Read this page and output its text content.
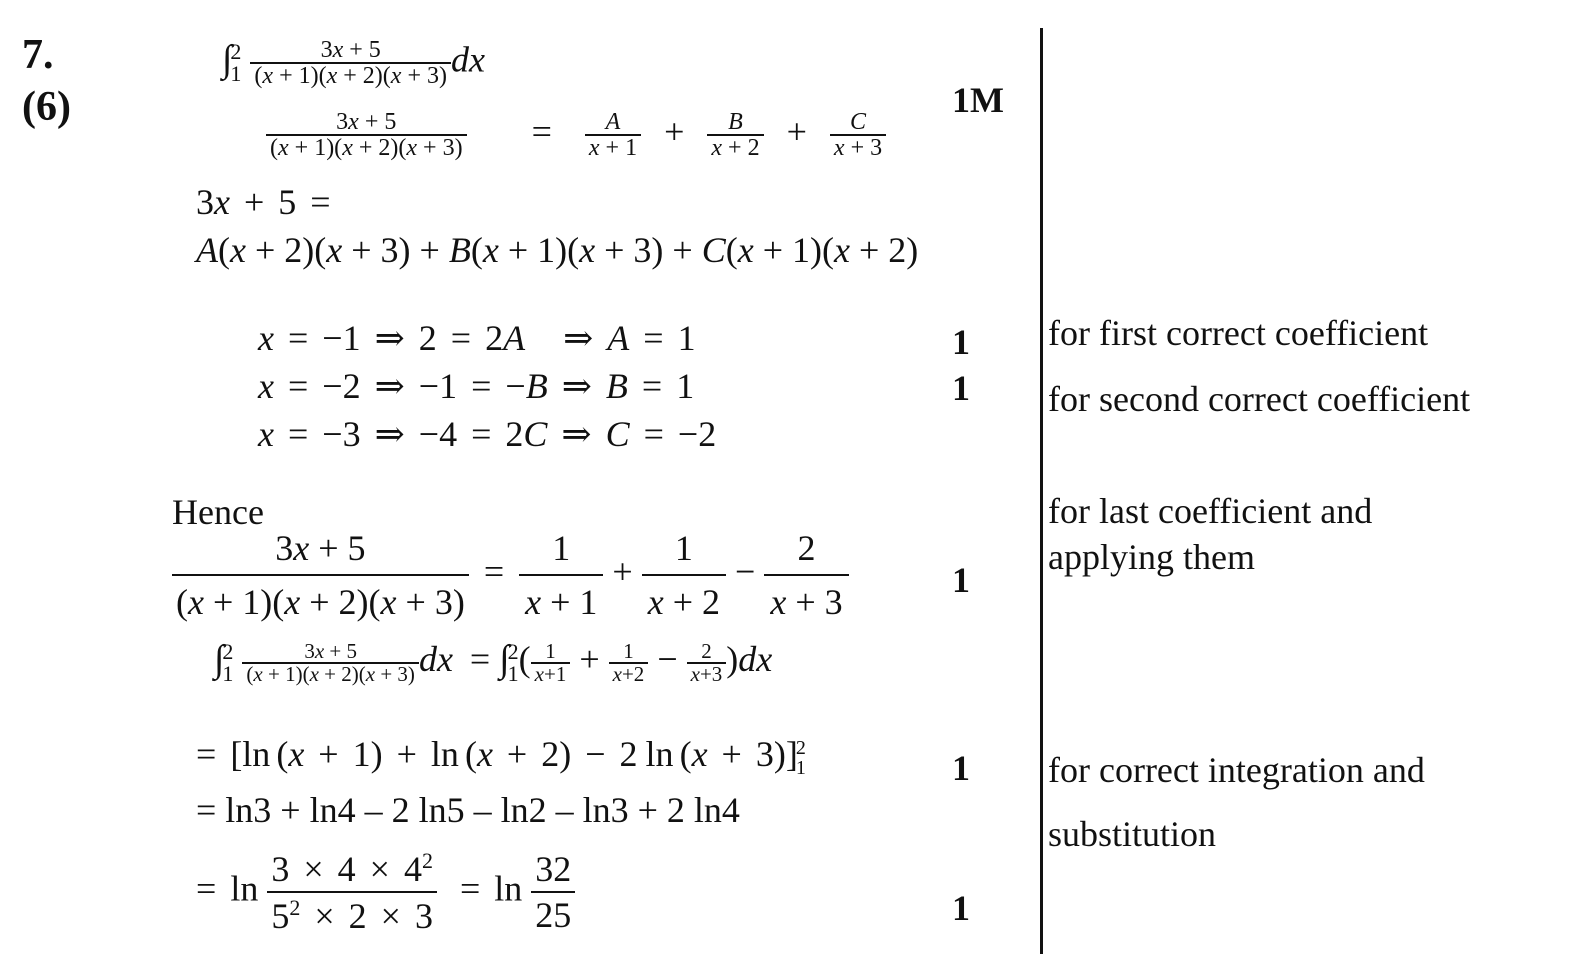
7.
(6)
∫
2
1
$\frac{3x + 5}{(x + 1)(x + 2)(x + 3)}$ dx
$\frac{3x + 5}{(x + 1)(x + 2)(x + 3)} = \frac{A}{x + 1} + \frac{B}{x + 2} + \frac{C}{x + 3}$
3x + 5 =
A(x + 2)(x + 3) + B(x + 1)(x + 3) + C(x + 1)(x + 2)
x = −1 ⇒ 2 = 2A ⇒ A = 1
x = −2 ⇒ −1 = −B ⇒ B = 1
x = −3 ⇒ −4 = 2C ⇒ C = −2
Hence
$\frac{3x + 5}{(x + 1)(x + 2)(x + 3)} = \frac{1}{x + 1} + \frac{1}{x + 2} - \frac{2}{x + 3}$
∫
2
1
$\frac{3x + 5}{(x + 1)(x + 2)(x + 3)}$ dx = ∫
2
1 ( $\frac{1}{x+1} + \frac{1}{x+2} - \frac{2}{x+3} )dx$
= [ln (x + 1) + ln (x + 2) − 2 ln (x + 3)]
2
1
= ln3 + ln4 – 2 ln5 – ln2 – ln3 + 2 ln4
= $\ln \frac{3 \times 4 \times 4^2}{5^2 \times 2 \times 3} = \ln \frac{32}{25}$
1M
1
1
1
1
1
for first correct coefficient
for second correct coefficient
for last coefficient and applying them
for correct integration and substitution
